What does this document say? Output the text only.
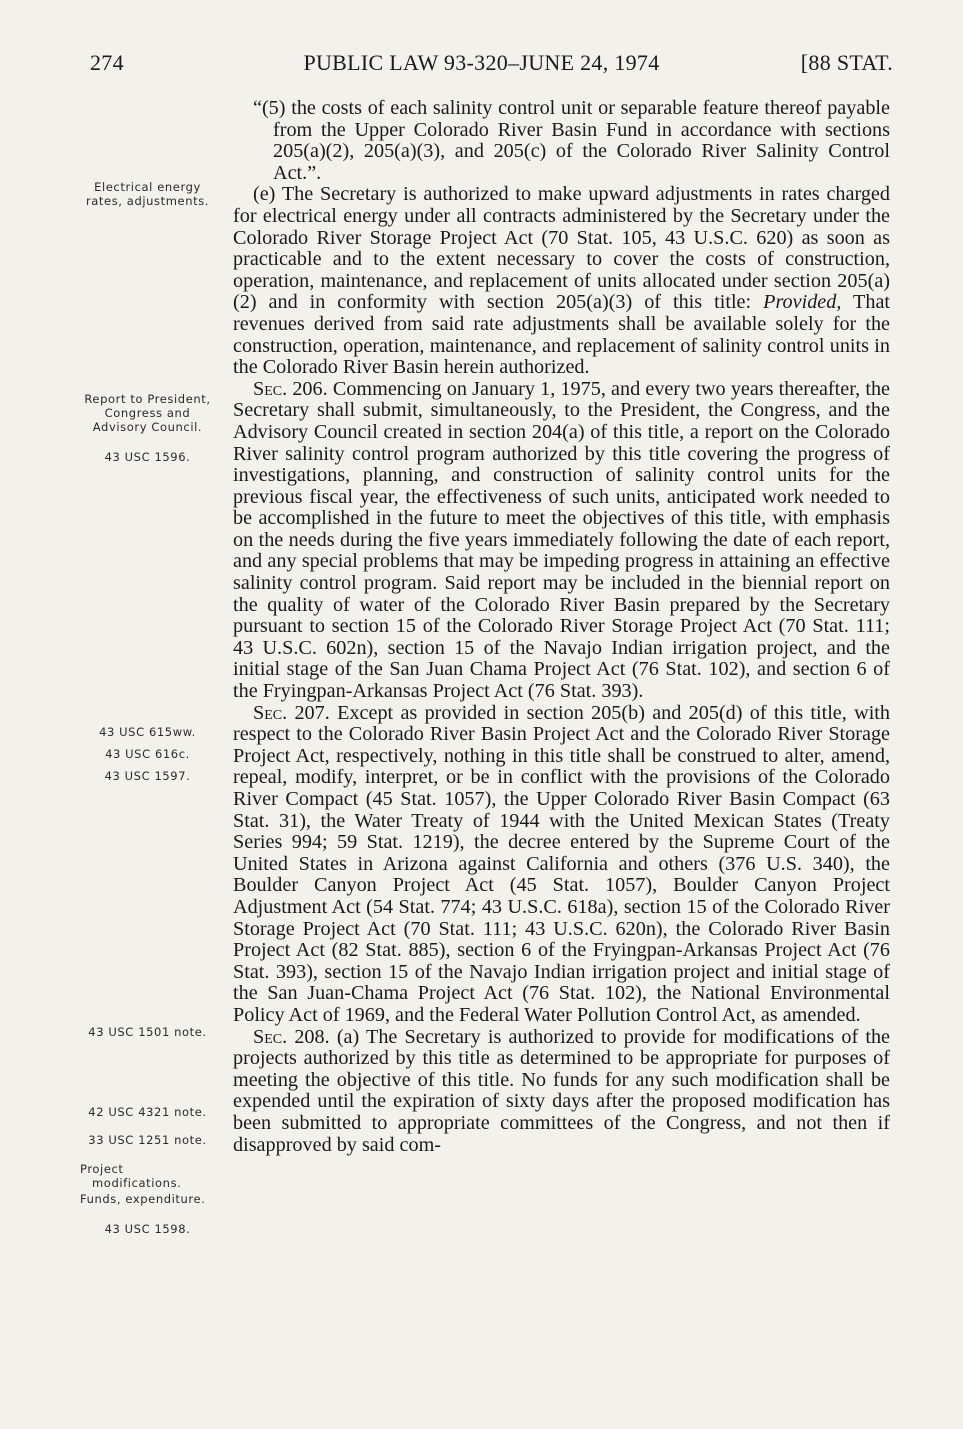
274	PUBLIC LAW 93-320–JUNE 24, 1974	[88 STAT.
Electrical energy rates, adjustments.
Report to President, Congress and Advisory Council.
43 USC 1596.
43 USC 615ww.
43 USC 616c.
43 USC 1597.
43 USC 1501 note.
42 USC 4321 note.
33 USC 1251 note.
Project modifications.
Funds, expenditure.
43 USC 1598.

“(5) the costs of each salinity control unit or separable feature thereof payable from the Upper Colorado River Basin Fund in accordance with sections 205(a)(2), 205(a)(3), and 205(c) of the Colorado River Salinity Control Act.”.

(e) The Secretary is authorized to make upward adjustments in rates charged for electrical energy under all contracts administered by the Secretary under the Colorado River Storage Project Act (70 Stat. 105, 43 U.S.C. 620) as soon as practicable and to the extent necessary to cover the costs of construction, operation, maintenance, and replacement of units allocated under section 205(a)(2) and in conformity with section 205(a)(3) of this title: Provided, That revenues derived from said rate adjustments shall be available solely for the construction, operation, maintenance, and replacement of salinity control units in the Colorado River Basin herein authorized.

Sec. 206. Commencing on January 1, 1975, and every two years thereafter, the Secretary shall submit, simultaneously, to the President, the Congress, and the Advisory Council created in section 204(a) of this title, a report on the Colorado River salinity control program authorized by this title covering the progress of investigations, planning, and construction of salinity control units for the previous fiscal year, the effectiveness of such units, anticipated work needed to be accomplished in the future to meet the objectives of this title, with emphasis on the needs during the five years immediately following the date of each report, and any special problems that may be impeding progress in attaining an effective salinity control program. Said report may be included in the biennial report on the quality of water of the Colorado River Basin prepared by the Secretary pursuant to section 15 of the Colorado River Storage Project Act (70 Stat. 111; 43 U.S.C. 602n), section 15 of the Navajo Indian irrigation project, and the initial stage of the San Juan Chama Project Act (76 Stat. 102), and section 6 of the Fryingpan-Arkansas Project Act (76 Stat. 393).

Sec. 207. Except as provided in section 205(b) and 205(d) of this title, with respect to the Colorado River Basin Project Act and the Colorado River Storage Project Act, respectively, nothing in this title shall be construed to alter, amend, repeal, modify, interpret, or be in conflict with the provisions of the Colorado River Compact (45 Stat. 1057), the Upper Colorado River Basin Compact (63 Stat. 31), the Water Treaty of 1944 with the United Mexican States (Treaty Series 994; 59 Stat. 1219), the decree entered by the Supreme Court of the United States in Arizona against California and others (376 U.S. 340), the Boulder Canyon Project Act (45 Stat. 1057), Boulder Canyon Project Adjustment Act (54 Stat. 774; 43 U.S.C. 618a), section 15 of the Colorado River Storage Project Act (70 Stat. 111; 43 U.S.C. 620n), the Colorado River Basin Project Act (82 Stat. 885), section 6 of the Fryingpan-Arkansas Project Act (76 Stat. 393), section 15 of the Navajo Indian irrigation project and initial stage of the San Juan-Chama Project Act (76 Stat. 102), the National Environmental Policy Act of 1969, and the Federal Water Pollution Control Act, as amended.

Sec. 208. (a) The Secretary is authorized to provide for modifications of the projects authorized by this title as determined to be appropriate for purposes of meeting the objective of this title. No funds for any such modification shall be expended until the expiration of sixty days after the proposed modification has been submitted to appropriate committees of the Congress, and not then if disapproved by said com-
